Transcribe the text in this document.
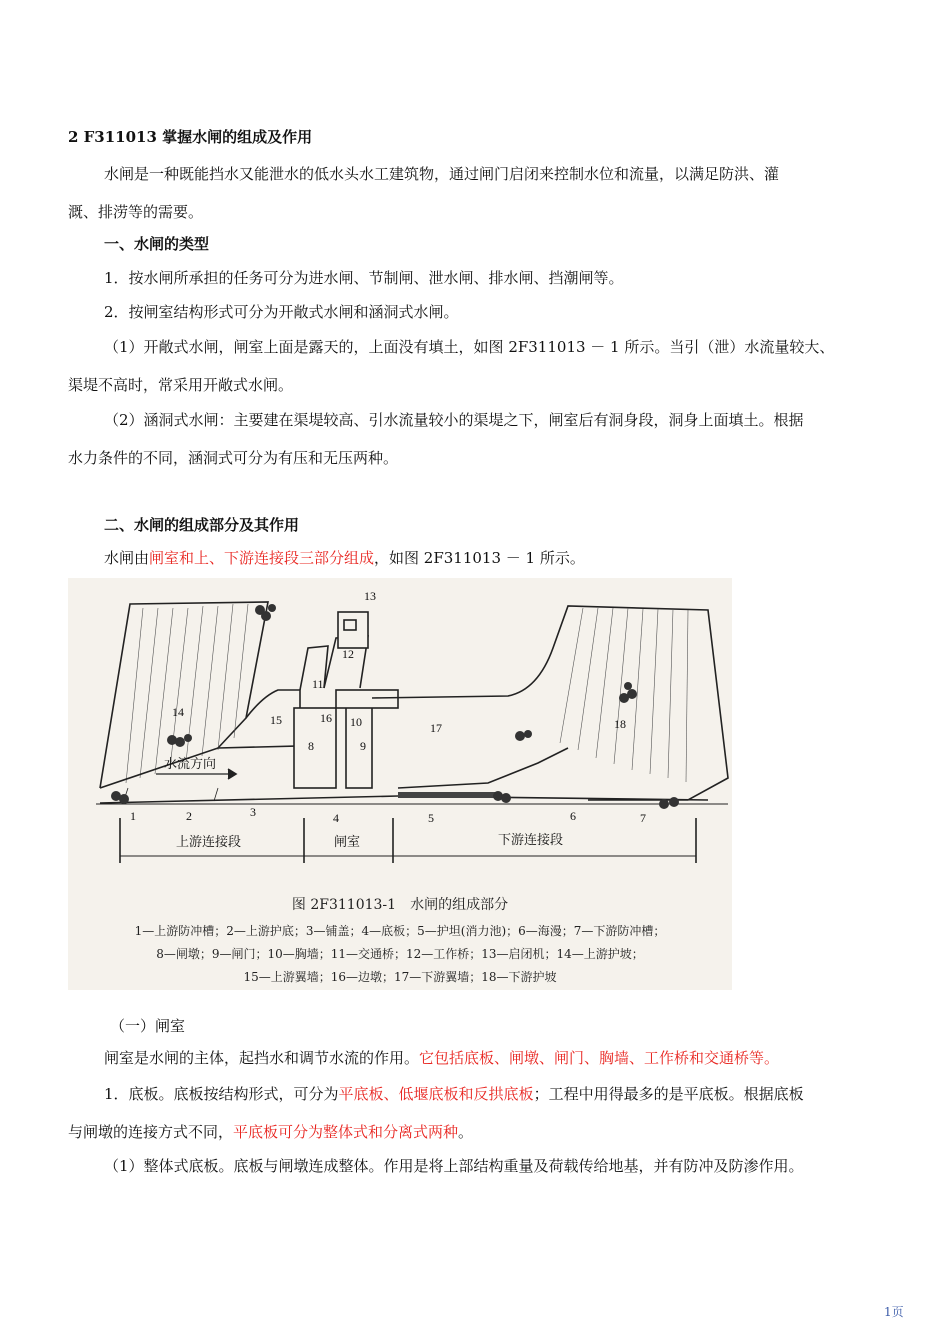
2 F311013 掌握水闸的组成及作用
水闸是一种既能挡水又能泄水的低水头水工建筑物，通过闸门启闭来控制水位和流量，以满足防洪、灌
溉、排涝等的需要。
一、水闸的类型
1．按水闸所承担的任务可分为进水闸、节制闸、泄水闸、排水闸、挡潮闸等。
2．按闸室结构形式可分为开敞式水闸和涵洞式水闸。
（1）开敞式水闸，闸室上面是露天的，上面没有填土，如图 2F311013 － 1 所示。当引（泄）水流量较大、
渠堤不高时，常采用开敞式水闸。
（2）涵洞式水闸：主要建在渠堤较高、引水流量较小的渠堤之下，闸室后有洞身段，洞身上面填土。根据
水力条件的不同，涵洞式可分为有压和无压两种。
二、水闸的组成部分及其作用
水闸由闸室和上、下游连接段三部分组成，如图 2F311013 － 1 所示。
1	2	3	4	5	6	7
8	9
10
11
12
13
14
15	16
17	18
水流方向
上游连接段	闸室	下游连接段
图 2F311013-1　水闸的组成部分
1—上游防冲槽；2—上游护底；3—铺盖；4—底板；5—护坦(消力池)；6—海漫；7—下游防冲槽；
8—闸墩；9—闸门；10—胸墙；11—交通桥；12—工作桥；13—启闭机；14—上游护坡；
15—上游翼墙；16—边墩；17—下游翼墙；18—下游护坡
（一）闸室
闸室是水闸的主体，起挡水和调节水流的作用。它包括底板、闸墩、闸门、胸墙、工作桥和交通桥等。
1．底板。底板按结构形式，可分为平底板、低堰底板和反拱底板；工程中用得最多的是平底板。根据底板
与闸墩的连接方式不同，平底板可分为整体式和分离式两种。
（1）整体式底板。底板与闸墩连成整体。作用是将上部结构重量及荷载传给地基，并有防冲及防渗作用。
1页
